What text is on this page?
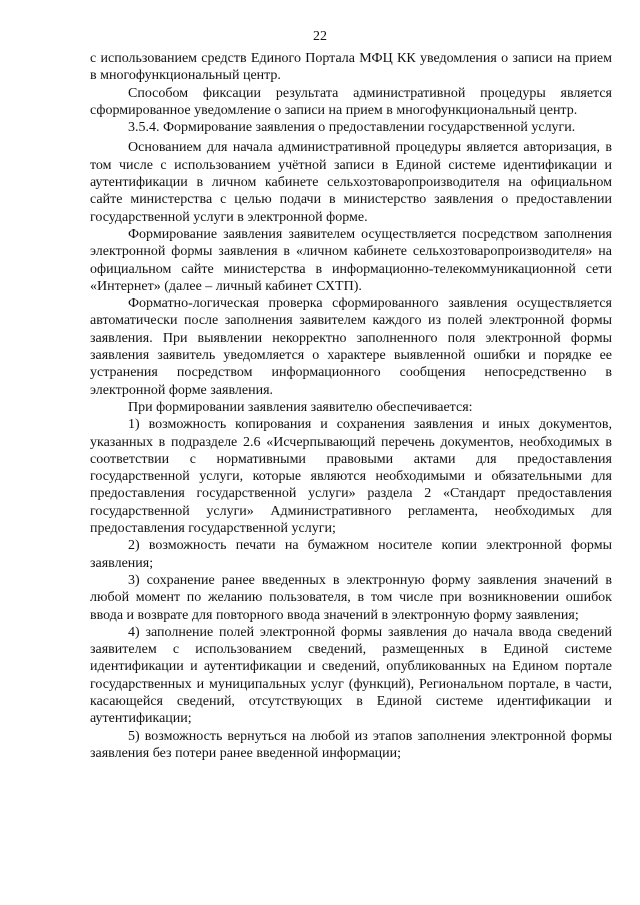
22

с использованием средств Единого Портала МФЦ КК уведомления о записи на прием в многофункциональный центр.

Способом фиксации результата административной процедуры является сформированное уведомление о записи на прием в многофункциональный центр.

3.5.4. Формирование заявления о предоставлении государственной услуги.

Основанием для начала административной процедуры является авторизация, в том числе с использованием учётной записи в Единой системе идентификации и аутентификации в личном кабинете сельхозтоваропроизводителя на официальном сайте министерства с целью подачи в министерство заявления о предоставлении государственной услуги в электронной форме.

Формирование заявления заявителем осуществляется посредством заполнения электронной формы заявления в «личном кабинете сельхозтоваропроизводителя» на официальном сайте министерства в информационно-телекоммуникационной сети «Интернет» (далее – личный кабинет СХТП).

Форматно-логическая проверка сформированного заявления осуществляется автоматически после заполнения заявителем каждого из полей электронной формы заявления. При выявлении некорректно заполненного поля электронной формы заявления заявитель уведомляется о характере выявленной ошибки и порядке ее устранения посредством информационного сообщения непосредственно в электронной форме заявления.

При формировании заявления заявителю обеспечивается:

1) возможность копирования и сохранения заявления и иных документов, указанных в подразделе 2.6 «Исчерпывающий перечень документов, необходимых в соответствии с нормативными правовыми актами для предоставления государственной услуги, которые являются необходимыми и обязательными для предоставления государственной услуги» раздела 2 «Стандарт предоставления государственной услуги» Административного регламента, необходимых для предоставления государственной услуги;

2) возможность печати на бумажном носителе копии электронной формы заявления;

3) сохранение ранее введенных в электронную форму заявления значений в любой момент по желанию пользователя, в том числе при возникновении ошибок ввода и возврате для повторного ввода значений в электронную форму заявления;

4) заполнение полей электронной формы заявления до начала ввода сведений заявителем с использованием сведений, размещенных в Единой системе идентификации и аутентификации и сведений, опубликованных на Едином портале государственных и муниципальных услуг (функций), Региональном портале, в части, касающейся сведений, отсутствующих в Единой системе идентификации и аутентификации;

5) возможность вернуться на любой из этапов заполнения электронной формы заявления без потери ранее введенной информации;
